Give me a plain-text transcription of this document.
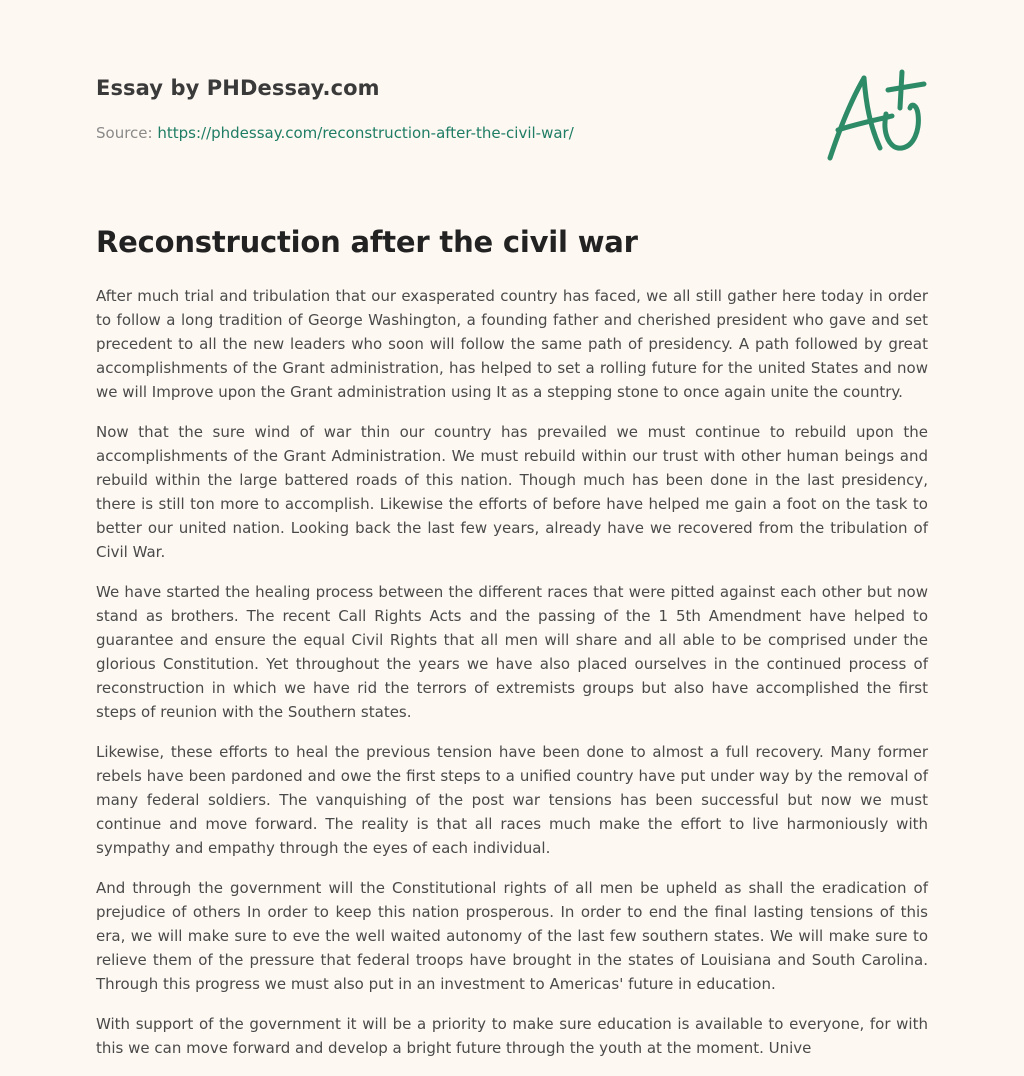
Essay by PHDessay.com

Source: https://phdessay.com/reconstruction-after-the-civil-war/

Reconstruction after the civil war

After much trial and tribulation that our exasperated country has faced, we all still gather here today in order to follow a long tradition of George Washington, a founding father and cherished president who gave and set precedent to all the new leaders who soon will follow the same path of presidency. A path followed by great accomplishments of the Grant administration, has helped to set a rolling future for the united States and now we will Improve upon the Grant administration using It as a stepping stone to once again unite the country.

Now that the sure wind of war thin our country has prevailed we must continue to rebuild upon the accomplishments of the Grant Administration. We must rebuild within our trust with other human beings and rebuild within the large battered roads of this nation. Though much has been done in the last presidency, there is still ton more to accomplish. Likewise the efforts of before have helped me gain a foot on the task to better our united nation. Looking back the last few years, already have we recovered from the tribulation of Civil War.

We have started the healing process between the different races that were pitted against each other but now stand as brothers. The recent Call Rights Acts and the passing of the 1 5th Amendment have helped to guarantee and ensure the equal Civil Rights that all men will share and all able to be comprised under the glorious Constitution. Yet throughout the years we have also placed ourselves in the continued process of reconstruction in which we have rid the terrors of extremists groups but also have accomplished the first steps of reunion with the Southern states.

Likewise, these efforts to heal the previous tension have been done to almost a full recovery. Many former rebels have been pardoned and owe the first steps to a unified country have put under way by the removal of many federal soldiers. The vanquishing of the post war tensions has been successful but now we must continue and move forward. The reality is that all races much make the effort to live harmoniously with sympathy and empathy through the eyes of each individual.

And through the government will the Constitutional rights of all men be upheld as shall the eradication of prejudice of others In order to keep this nation prosperous. In order to end the final lasting tensions of this era, we will make sure to eve the well waited autonomy of the last few southern states. We will make sure to relieve them of the pressure that federal troops have brought in the states of Louisiana and South Carolina. Through this progress we must also put in an investment to Americas' future in education.

With support of the government it will be a priority to make sure education is available to everyone, for with this we can move forward and develop a bright future through the youth at the moment. Unive
